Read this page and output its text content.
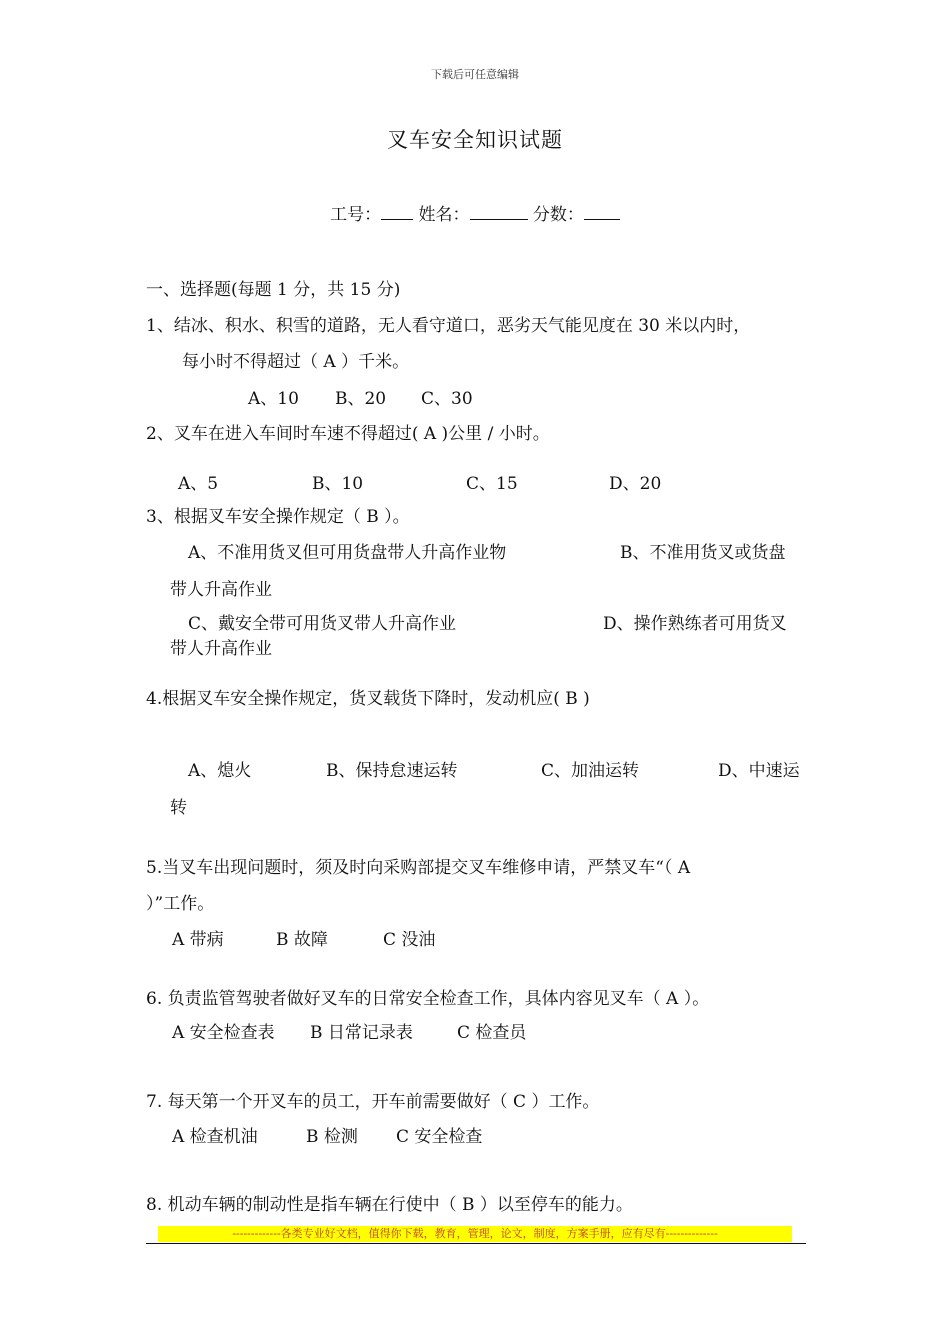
下载后可任意编辑
叉车安全知识试题
工号： 姓名：	分数：
一、选择题(每题 1 分，共 15 分)
1、结冰、积水、积雪的道路，无人看守道口，恶劣天气能见度在 30 米以内时，
每小时不得超过（ A ）千米。
A、10 B、20 C、30
2、叉车在进入车间时车速不得超过( A )公里 / 小时。
A、5	B、10	C、15	D、20
3、根据叉车安全操作规定（ B ）。
A、不准用货叉但可用货盘带人升高作业物	B、不准用货叉或货盘
带人升高作业
C、戴安全带可用货叉带人升高作业	D、操作熟练者可用货叉
带人升高作业
4.根据叉车安全操作规定，货叉载货下降时，发动机应( B )
A、熄火	B、保持怠速运转	C、加油运转	D、中速运
转
5.当叉车出现问题时，须及时向采购部提交叉车维修申请，严禁叉车“（ A
）”工作。
A 带病	B 故障	C 没油
6. 负责监管驾驶者做好叉车的日常安全检查工作，具体内容见叉车（ A ）。
A 安全检查表 B 日常记录表	C 检查员
7. 每天第一个开叉车的员工，开车前需要做好（ C ）工作。
A 检查机油	B 检测 C 安全检查
8. 机动车辆的制动性是指车辆在行使中（ B ）以至停车的能力。
-------------各类专业好文档，值得你下载，教育，管理，论文，制度，方案手册，应有尽有--------------
